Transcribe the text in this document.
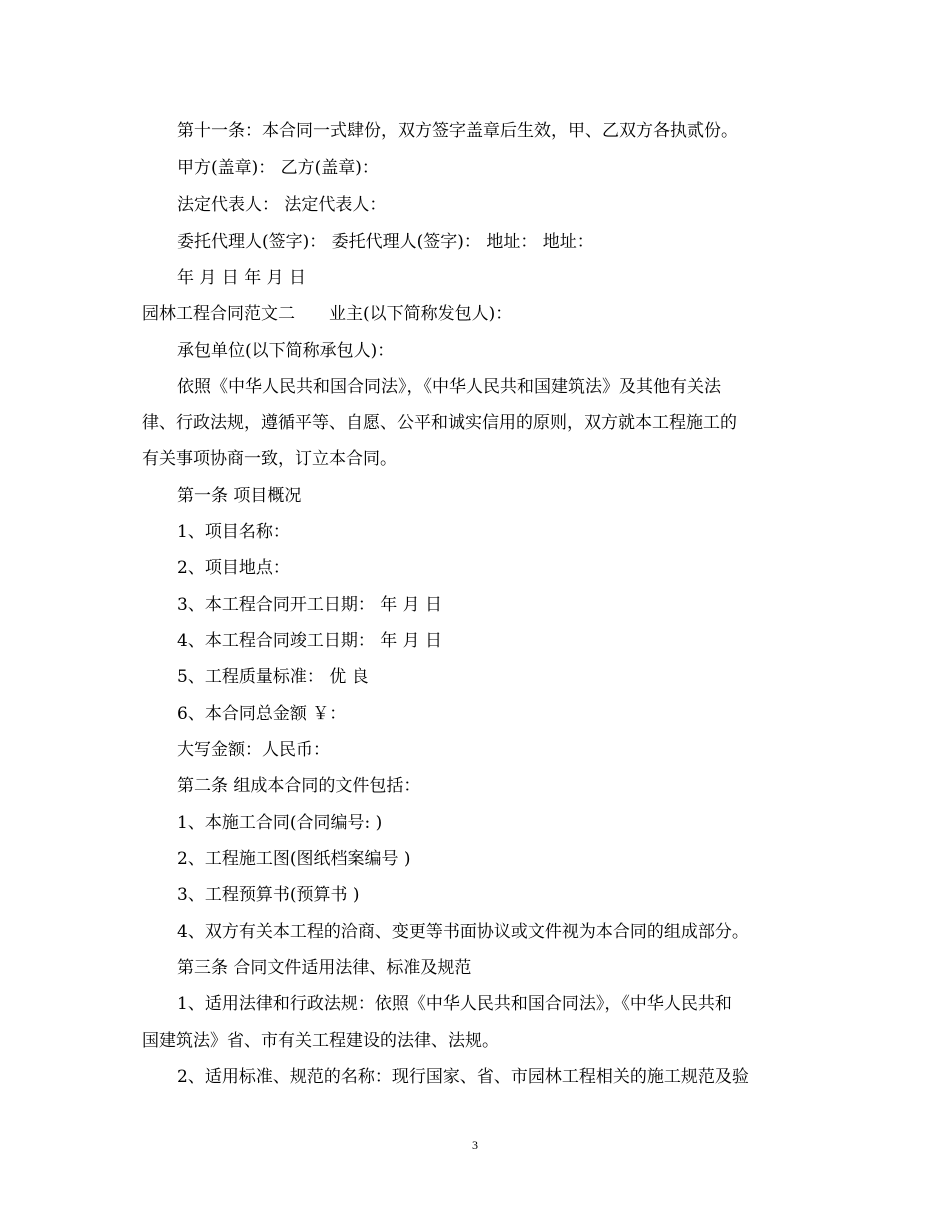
第十一条：本合同一式肆份，双方签字盖章后生效，甲、乙双方各执贰份。
甲方(盖章)： 乙方(盖章)：
法定代表人： 法定代表人：
委托代理人(签字)： 委托代理人(签字)： 地址： 地址：
年 月 日 年 月 日
园林工程合同范文二　　业主(以下简称发包人)：
承包单位(以下简称承包人)：
依照《中华人民共和国合同法》，《中华人民共和国建筑法》及其他有关法
律、行政法规，遵循平等、自愿、公平和诚实信用的原则，双方就本工程施工的
有关事项协商一致，订立本合同。
第一条 项目概况
1、项目名称：
2、项目地点：
3、本工程合同开工日期： 年 月 日
4、本工程合同竣工日期： 年 月 日
5、工程质量标准： 优 良
6、本合同总金额 ￥：
大写金额：人民币：
第二条 组成本合同的文件包括：
1、本施工合同(合同编号: )
2、工程施工图(图纸档案编号 )
3、工程预算书(预算书 )
4、双方有关本工程的洽商、变更等书面协议或文件视为本合同的组成部分。
第三条 合同文件适用法律、标准及规范
1、适用法律和行政法规：依照《中华人民共和国合同法》，《中华人民共和
国建筑法》省、市有关工程建设的法律、法规。
2、适用标准、规范的名称：现行国家、省、市园林工程相关的施工规范及验
3
